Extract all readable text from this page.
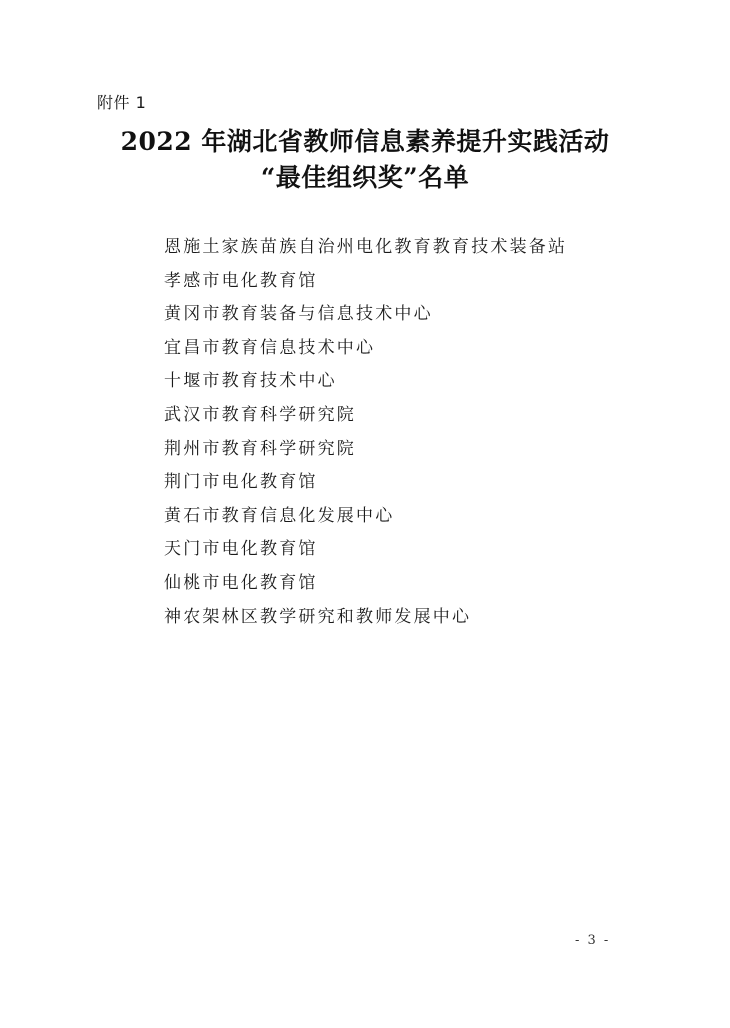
附件 1
2022 年湖北省教师信息素养提升实践活动
“最佳组织奖”名单
恩施土家族苗族自治州电化教育教育技术装备站
孝感市电化教育馆
黄冈市教育装备与信息技术中心
宜昌市教育信息技术中心
十堰市教育技术中心
武汉市教育科学研究院
荆州市教育科学研究院
荆门市电化教育馆
黄石市教育信息化发展中心
天门市电化教育馆
仙桃市电化教育馆
神农架林区教学研究和教师发展中心
- 3 -
